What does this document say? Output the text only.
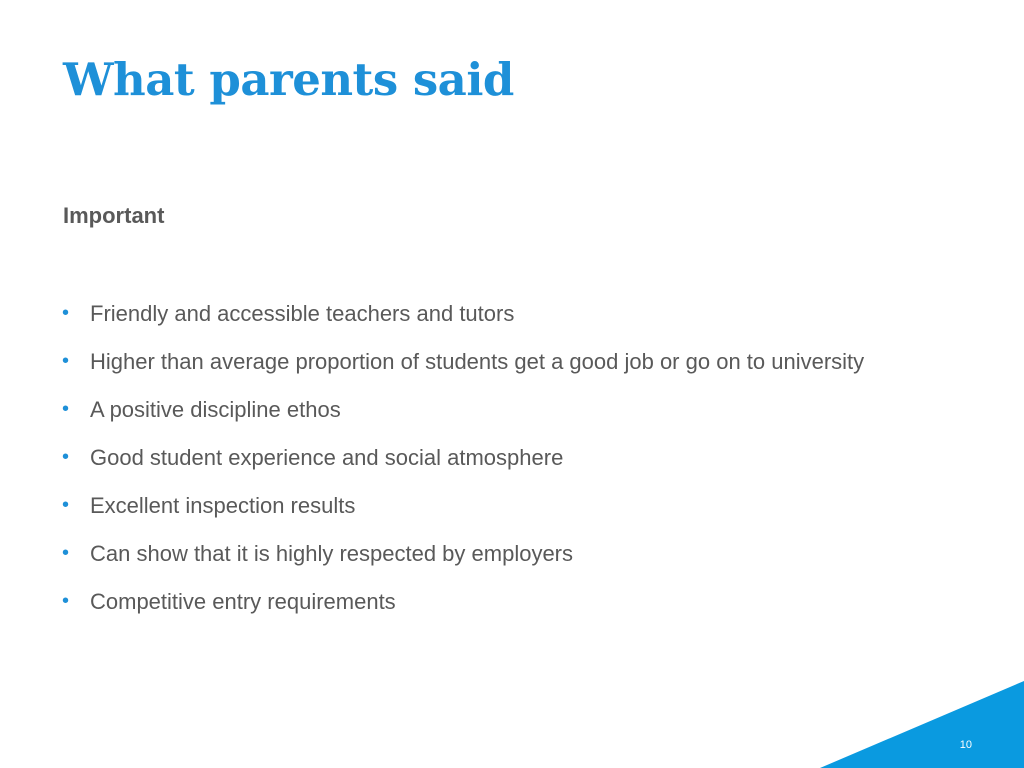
What parents said
Important
• Friendly and accessible teachers and tutors
• Higher than average proportion of students get a good job or go on to university
• A positive discipline ethos
• Good student experience and social atmosphere
• Excellent inspection results
• Can show that it is highly respected by employers
• Competitive entry requirements
10
